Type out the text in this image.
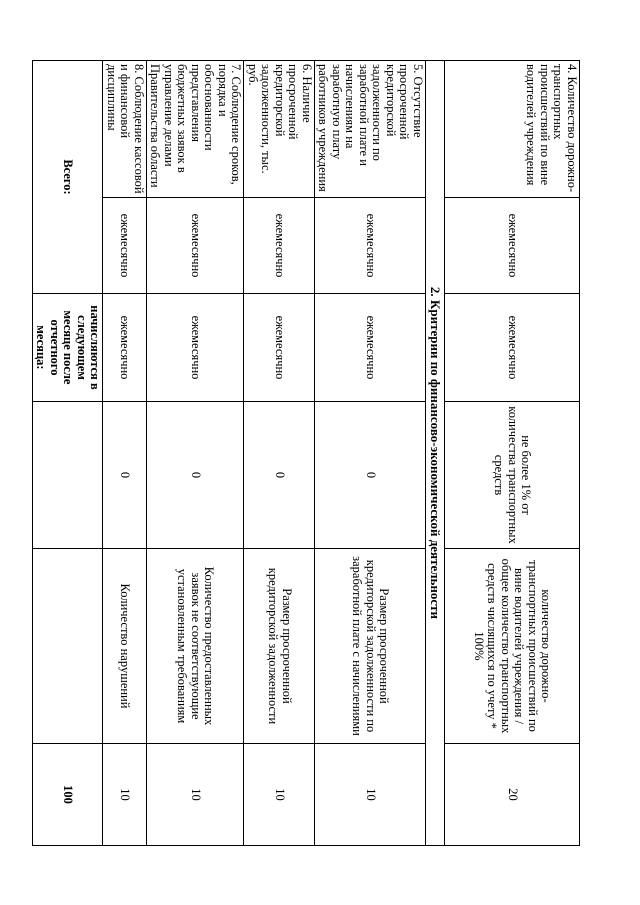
4. Количество дорожно-транспортных происшествий по вине водителей учреждения	ежемесячно	ежемесячно	не более 1% от количества транспортных средств	количество дорожно-транспортных происшествий по вине водителей учреждения / общее количество транспортных средств числящихся по учету * 100%	20
2. Критерии по финансово-экономической деятельности					
5. Отсутствие просроченной кредиторской задолженности по заработной плате и начислениям на заработную плату работников учреждения	ежемесячно	ежемесячно	0	Размер просроченной кредиторской задолженности по заработной плате с начислениями	10
6. Наличие просроченной кредиторской задолженности, тыс. руб.	ежемесячно	ежемесячно	0	Размер просроченной кредиторской задолженности	10
7. Соблюдение сроков, порядка и обоснованности представления бюджетных заявок в управление делами Правительства области	ежемесячно	ежемесячно	0	Количество предоставленных заявок не соответствующие установленным требованиям	10
8. Соблюдение кассовой и финансовой дисциплины	ежемесячно	ежемесячно	0	Количество нарушений	10
Всего:		начисляются в следующем месяце после отчетного месяца:			100
